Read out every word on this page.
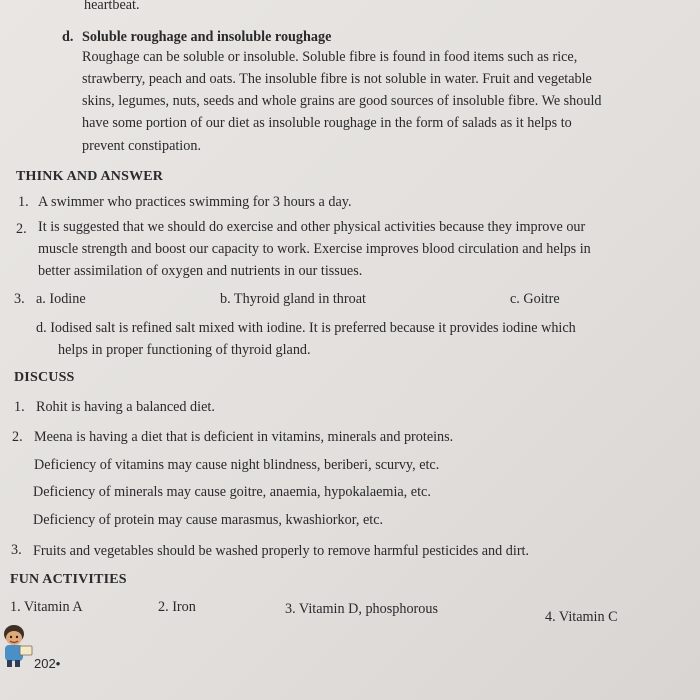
heartbeat.
d. Soluble roughage and insoluble roughage
Roughage can be soluble or insoluble. Soluble fibre is found in food items such as rice,
strawberry, peach and oats. The insoluble fibre is not soluble in water. Fruit and vegetable
skins, legumes, nuts, seeds and whole grains are good sources of insoluble fibre. We should
have some portion of our diet as insoluble roughage in the form of salads as it helps to
prevent constipation.
THINK AND ANSWER
1. A swimmer who practices swimming for 3 hours a day.
2. It is suggested that we should do exercise and other physical activities because they improve our
muscle strength and boost our capacity to work. Exercise improves blood circulation and helps in
better assimilation of oxygen and nutrients in our tissues.
3. a. Iodine	b. Thyroid gland in throat	c. Goitre
d. Iodised salt is refined salt mixed with iodine. It is preferred because it provides iodine which
helps in proper functioning of thyroid gland.
DISCUSS
1. Rohit is having a balanced diet.
2. Meena is having a diet that is deficient in vitamins, minerals and proteins.
Deficiency of vitamins may cause night blindness, beriberi, scurvy, etc.
Deficiency of minerals may cause goitre, anaemia, hypokalaemia, etc.
Deficiency of protein may cause marasmus, kwashiorkor, etc.
3. Fruits and vegetables should be washed properly to remove harmful pesticides and dirt.
FUN ACTIVITIES
1. Vitamin A	2. Iron	3. Vitamin D, phosphorous	4. Vitamin C
202•
